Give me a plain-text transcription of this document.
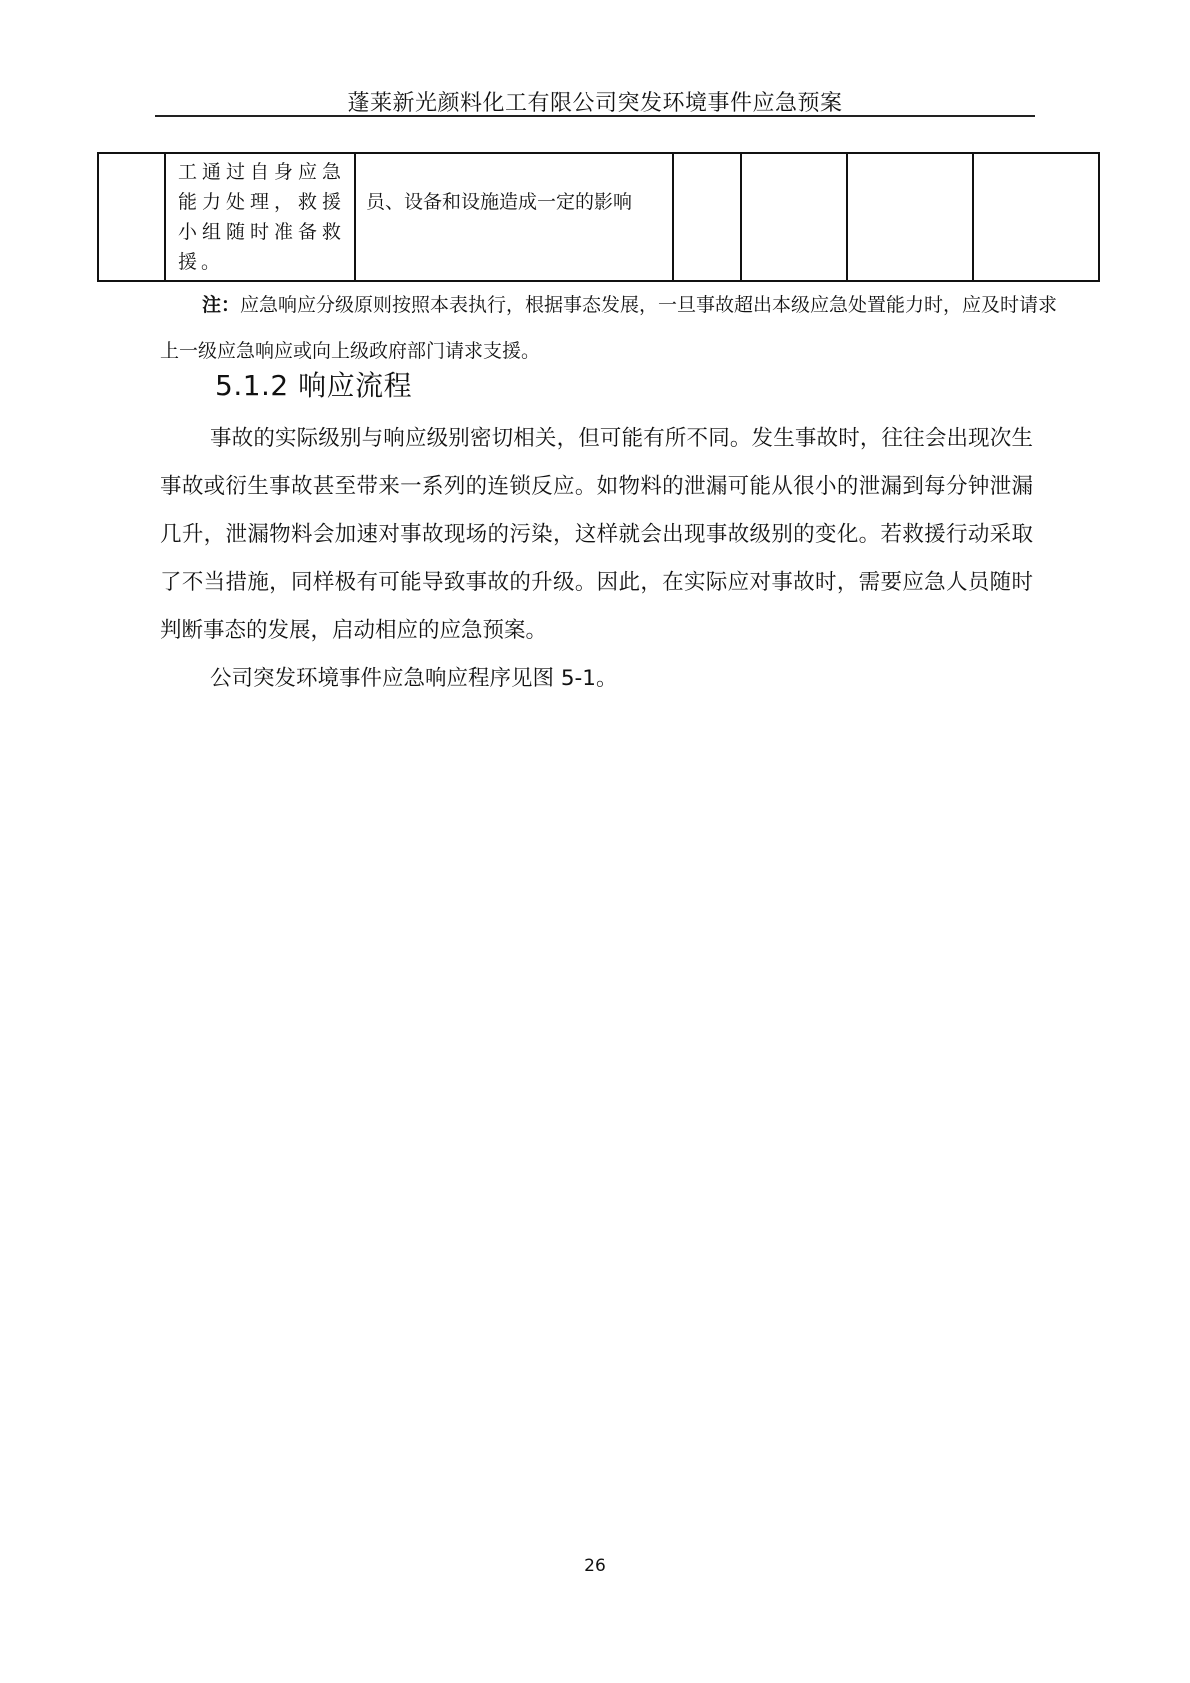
蓬莱新光颜料化工有限公司突发环境事件应急预案
	工通过自身应急能力处理，救援小组随时准备救援。	员、设备和设施造成一定的影响				
注：应急响应分级原则按照本表执行，根据事态发展，一旦事故超出本级应急处置能力时，应及时请求上一级应急响应或向上级政府部门请求支援。
5.1.2 响应流程

事故的实际级别与响应级别密切相关，但可能有所不同。发生事故时，往往会出现次生事故或衍生事故甚至带来一系列的连锁反应。如物料的泄漏可能从很小的泄漏到每分钟泄漏几升，泄漏物料会加速对事故现场的污染，这样就会出现事故级别的变化。若救援行动采取了不当措施，同样极有可能导致事故的升级。因此，在实际应对事故时，需要应急人员随时判断事态的发展，启动相应的应急预案。

公司突发环境事件应急响应程序见图 5-1。

26
